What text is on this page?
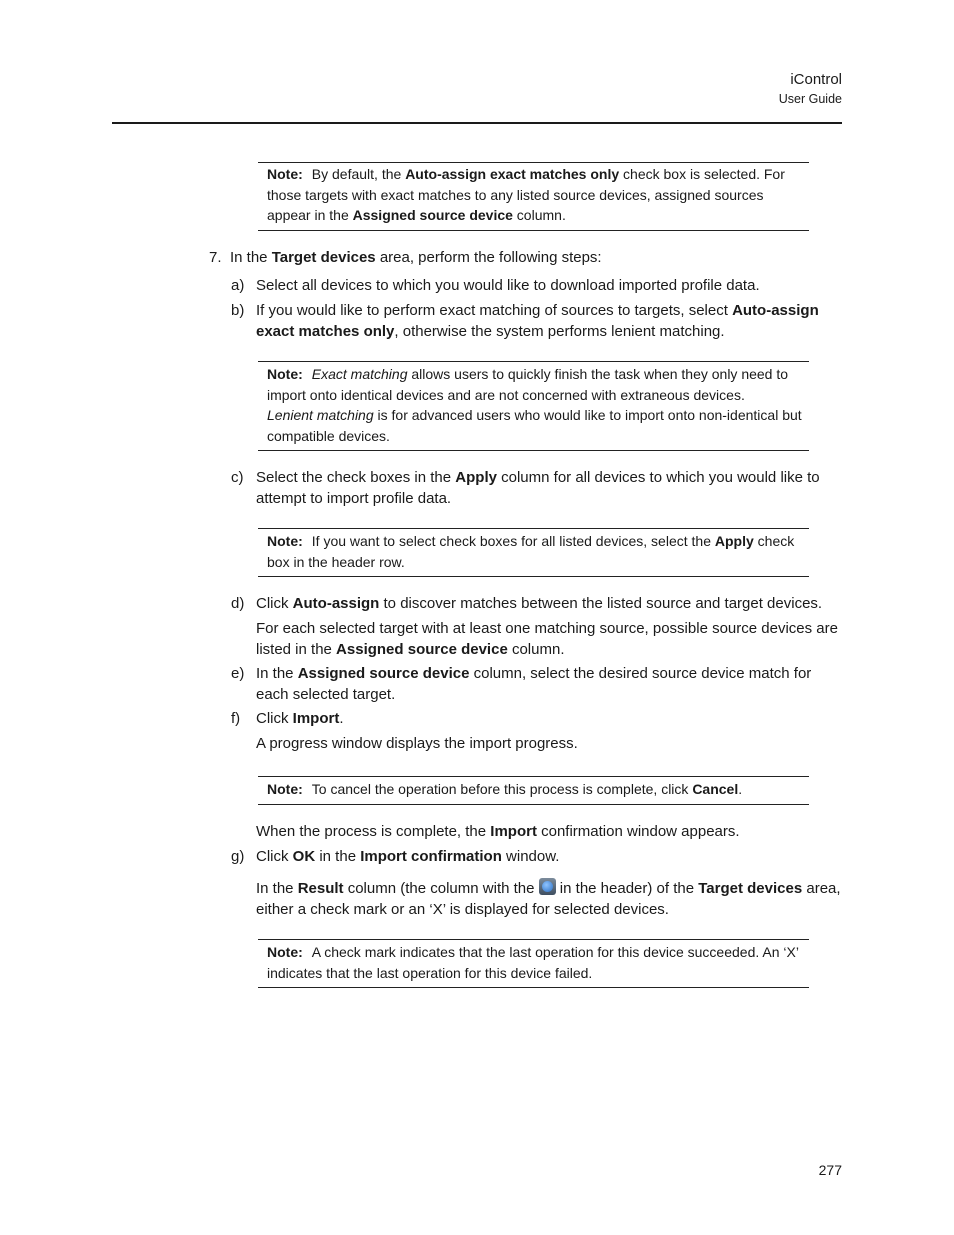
iControl
User Guide
Note: By default, the Auto-assign exact matches only check box is selected. For those targets with exact matches to any listed source devices, assigned sources appear in the Assigned source device column.
7. In the Target devices area, perform the following steps:
a) Select all devices to which you would like to download imported profile data.
b) If you would like to perform exact matching of sources to targets, select Auto-assign exact matches only, otherwise the system performs lenient matching.
Note: Exact matching allows users to quickly finish the task when they only need to import onto identical devices and are not concerned with extraneous devices.
Lenient matching is for advanced users who would like to import onto non-identical but compatible devices.
c) Select the check boxes in the Apply column for all devices to which you would like to attempt to import profile data.
Note: If you want to select check boxes for all listed devices, select the Apply check box in the header row.
d) Click Auto-assign to discover matches between the listed source and target devices.
For each selected target with at least one matching source, possible source devices are listed in the Assigned source device column.
e) In the Assigned source device column, select the desired source device match for each selected target.
f) Click Import.
A progress window displays the import progress.
Note: To cancel the operation before this process is complete, click Cancel.
When the process is complete, the Import confirmation window appears.
g) Click OK in the Import confirmation window.
In the Result column (the column with the  in the header) of the Target devices area, either a check mark or an ‘X’ is displayed for selected devices.
Note: A check mark indicates that the last operation for this device succeeded. An ‘X’ indicates that the last operation for this device failed.
277
